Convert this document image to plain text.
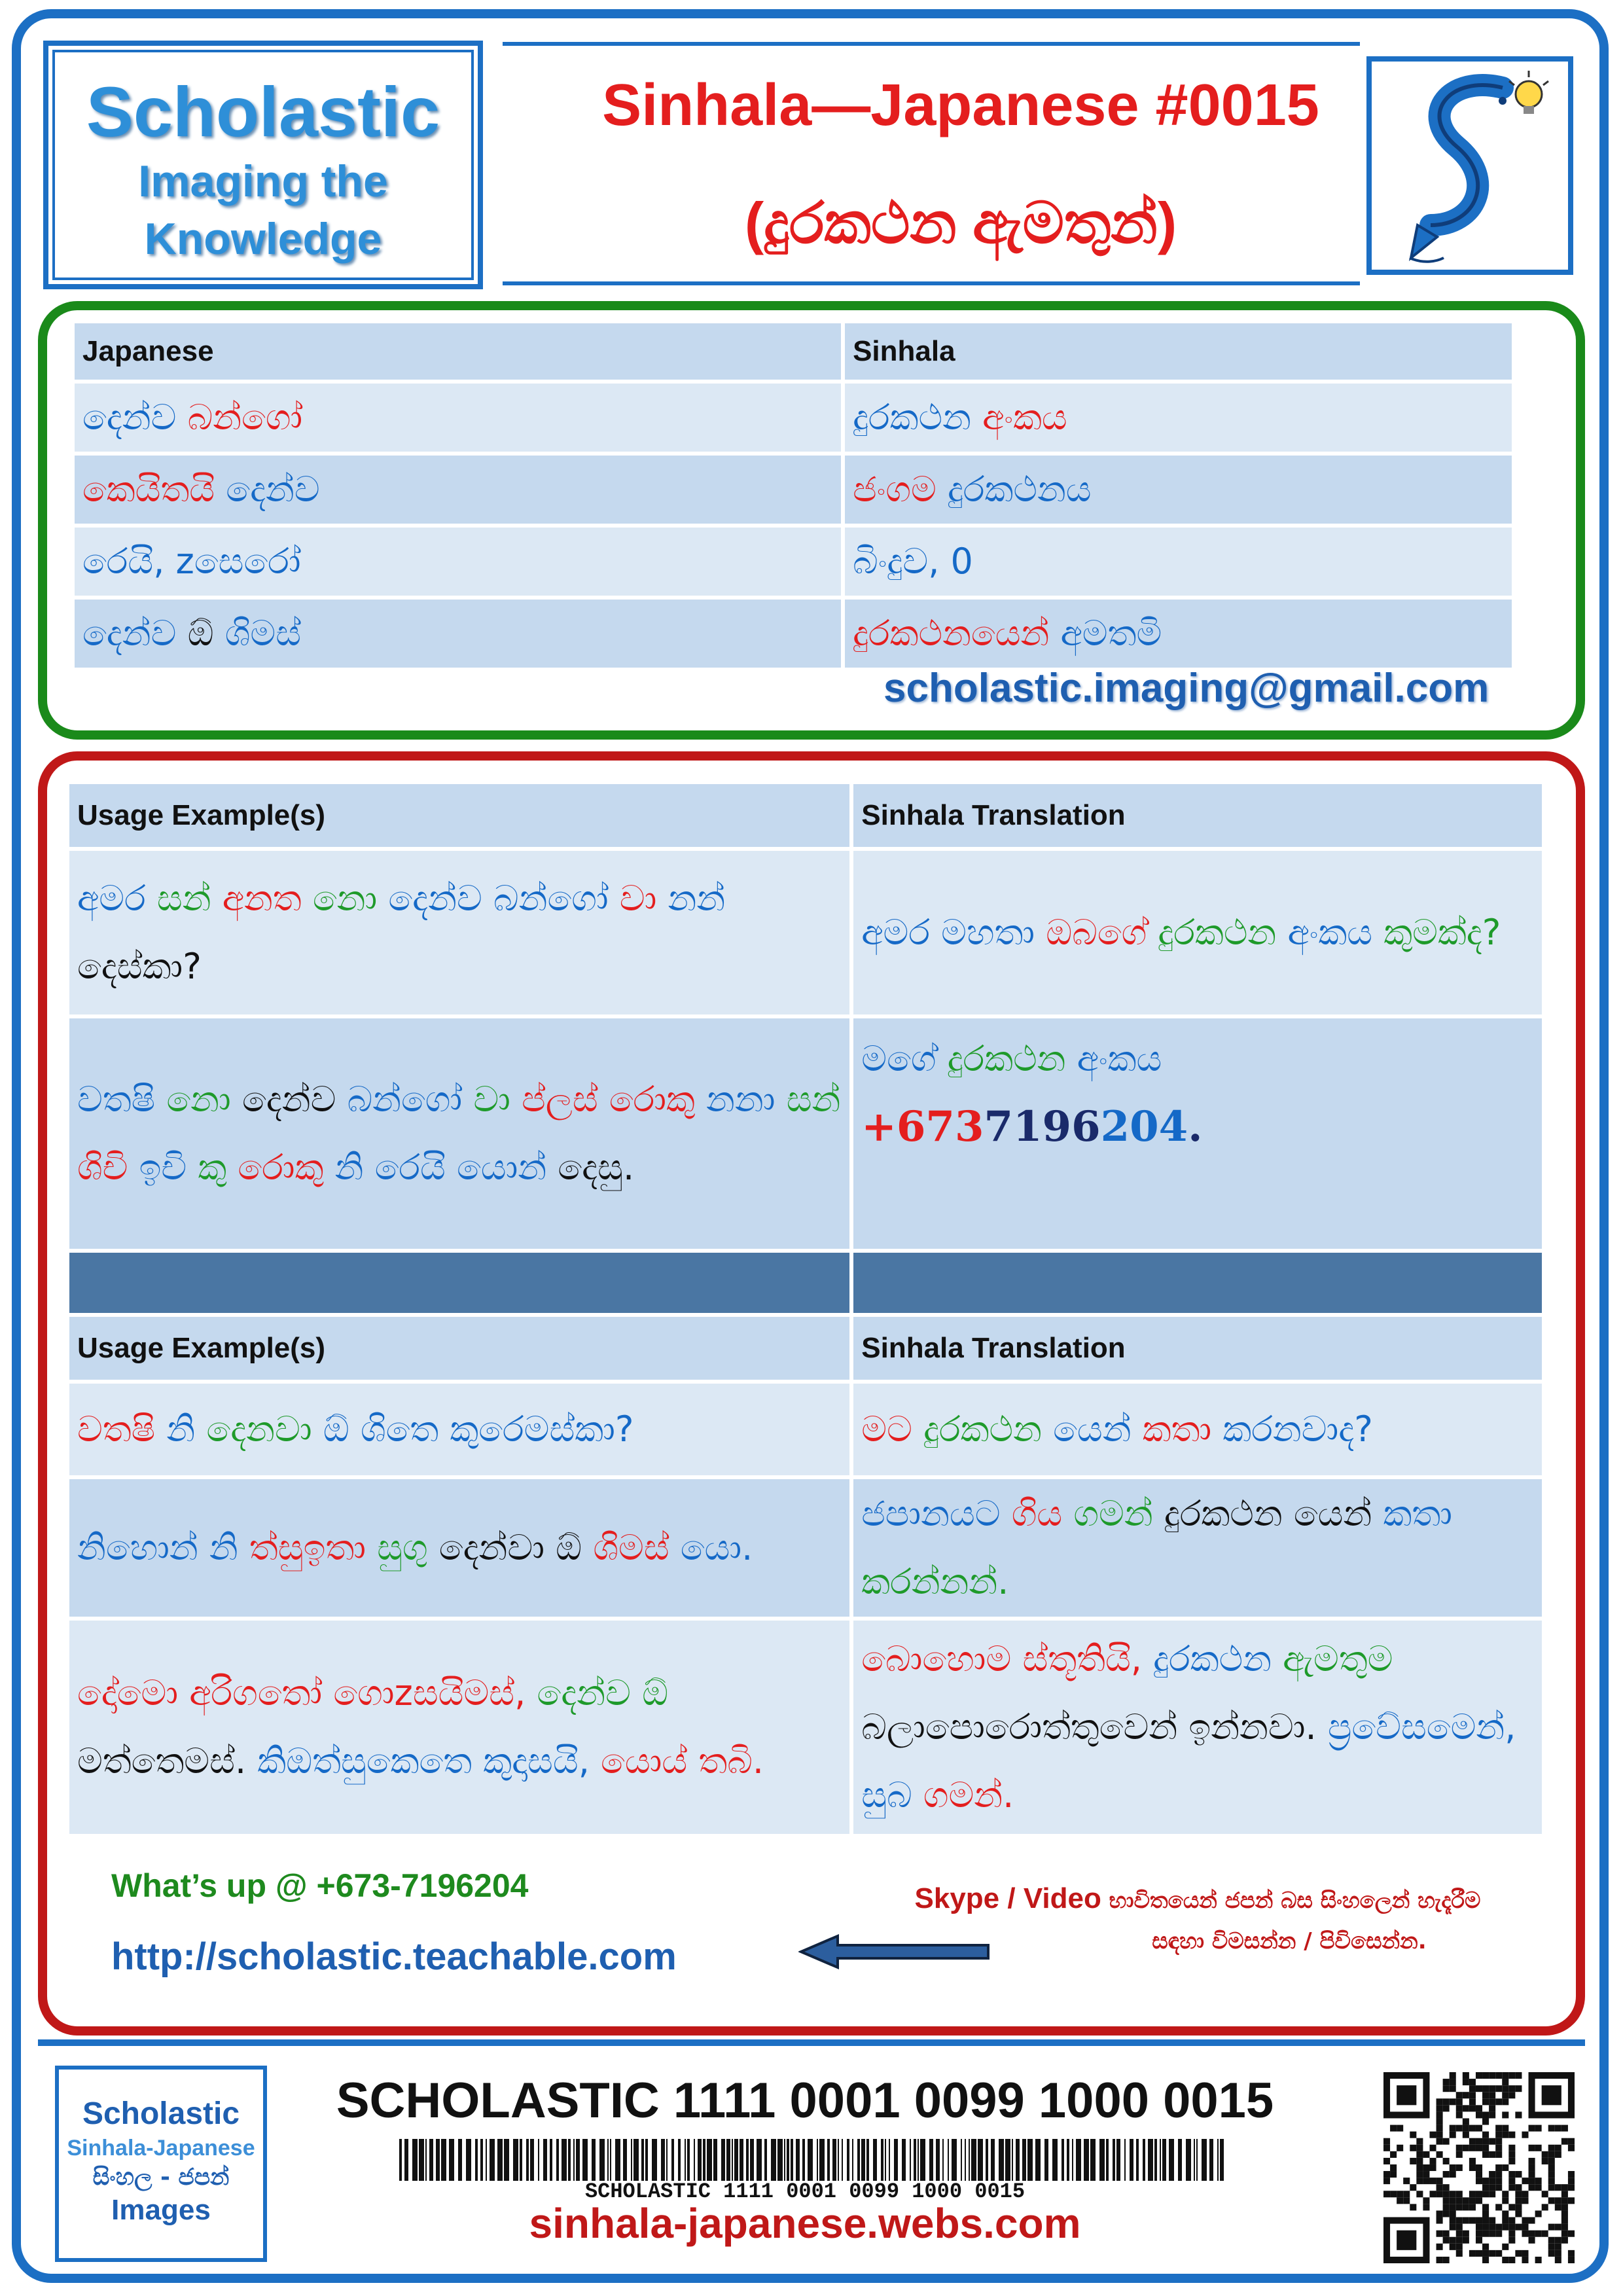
Scholastic
Imaging the
Knowledge
Sinhala—Japanese #0015
(දුරකථන ඇමතුන්)
Japanese	Sinhala
දෙන්ව බන්ගෝ	දුරකථන අංකය
කෙයිතයි දෙන්ව	ජංගම දුරකථනය
රෙයි, zසෙරෝ	බිංදුව, 0
දෙන්ව ඕ ශිමස්	දුරකථනයෙන් අමතමි
scholastic.imaging@gmail.com
Usage Example(s)	Sinhala Translation
අමර සන් අනත නො දෙන්ව බන්ගෝ වා නන් දෙස්කා?	අමර මහතා ඔබගේ දුරකථන අංකය කුමක්ද?
වතෂි නො දෙන්ව බන්ගෝ වා ප්ලස් රොකු නනා සන් ශිචි ඉචි කු රොකු නි රෙයි යොන් දෙසු.	මගේ දුරකථන අංකය
+6737196204.

Usage Example(s)	Sinhala Translation
වතෂි නි දෙනවා ඕ ශිතෙ කුරෙමස්කා?	මට දුරකථන යෙන් කතා කරනවාද?
නිහොන් නි ත්සුඉතා සුගු දෙන්වා ඕ ශිමස් යො.	ජපානයට ගිය ගමන් දුරකථන යෙන් කතා කරන්නන්.
දෝමො අරිගතෝ ගොzසයිමස්, දෙන්ව ඕ මත්තෙමස්. කිඔත්සුකෙතෙ කුදාසයි, යොය් තබි.	බොහොම ස්තූතියි, දුරකථන ඇමතුම බලාපොරොත්තුවෙන් ඉන්නවා. ප්‍රවේසමෙන්, සුබ ගමන්.
What’s up @ +673-7196204
http://scholastic.teachable.com
Skype / Video භාවිතයෙන් ජපන් බස සිංහලෙන් හැදෑරීම
සඳහා විමසන්න / පිවිසෙන්න.
Scholastic
Sinhala-Japanese
සිංහල - ජපන්
Images
SCHOLASTIC 1111 0001 0099 1000 0015
SCHOLASTIC 1111 0001 0099 1000 0015
sinhala-japanese.webs.com
